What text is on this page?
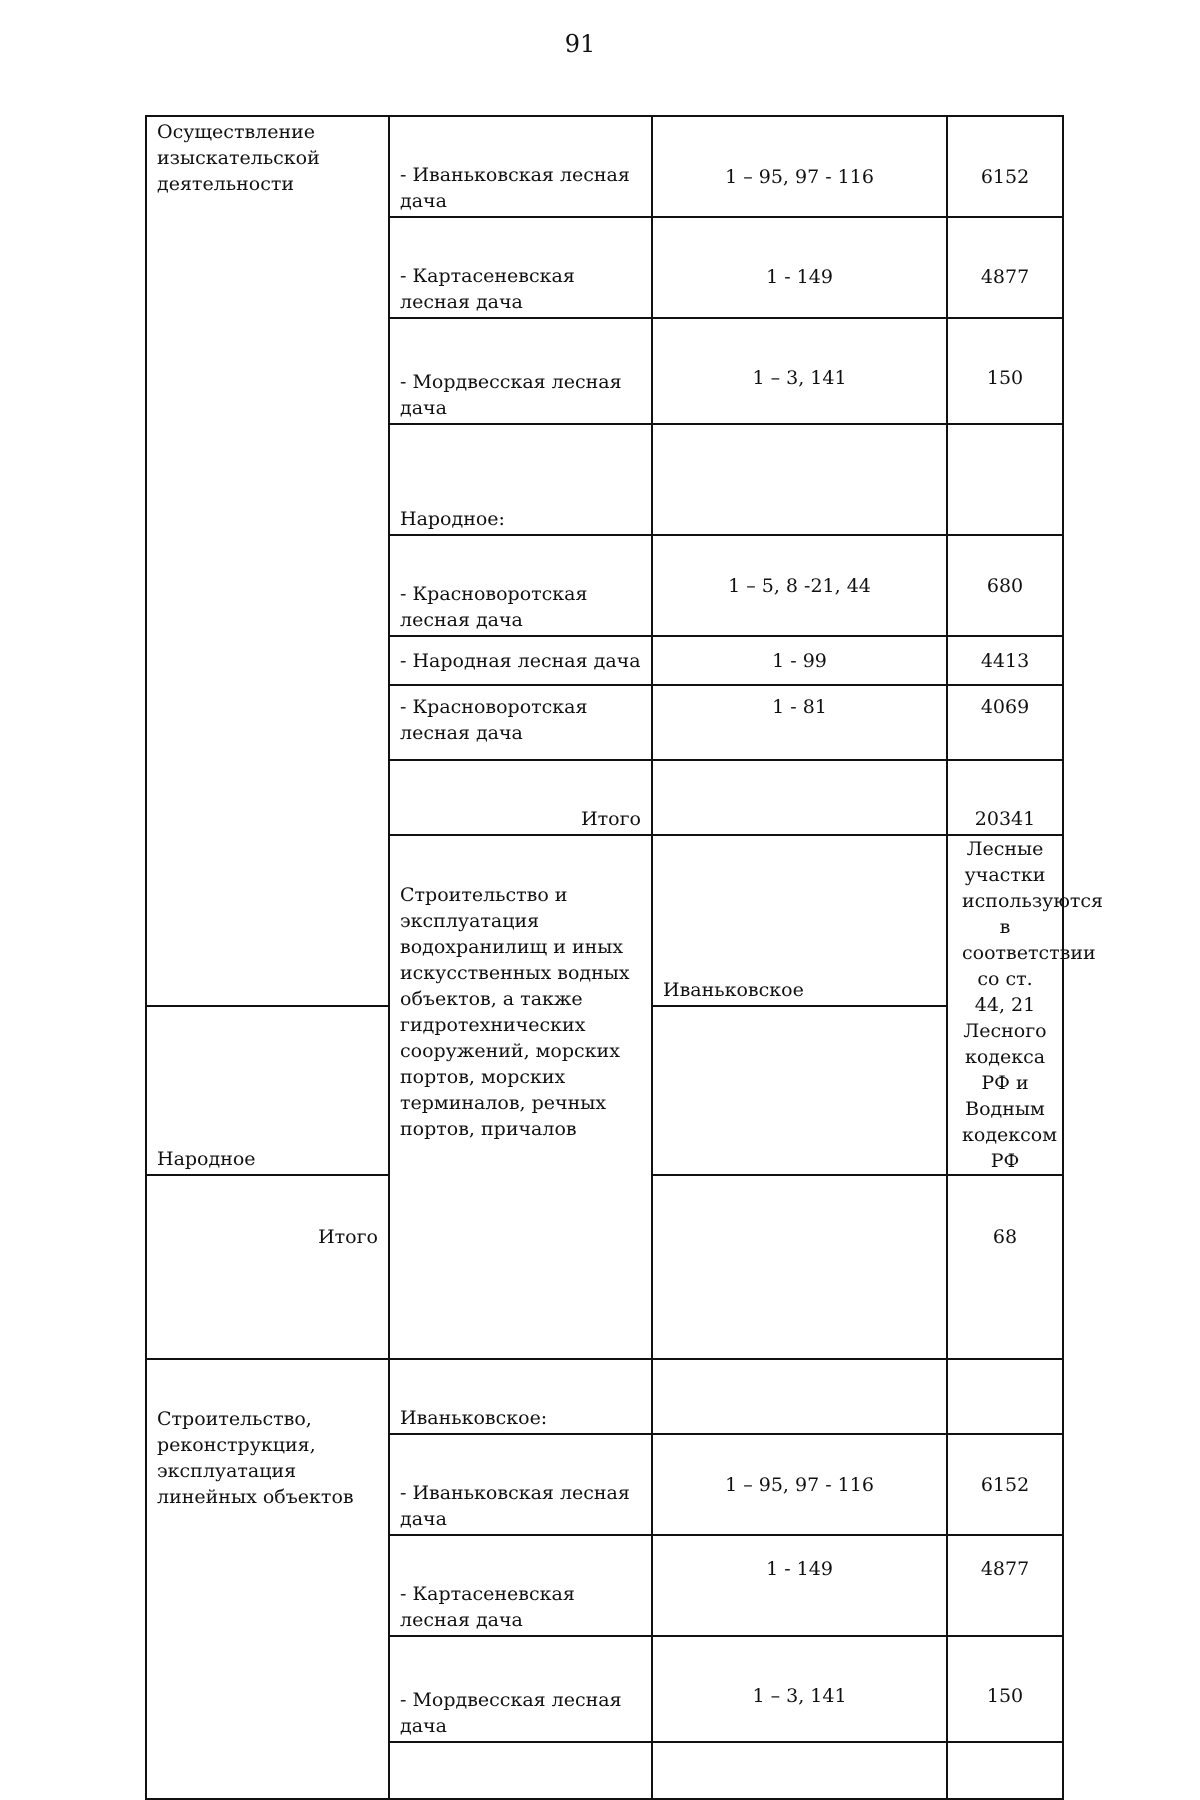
91
Осуществление изыскательской деятельности	- Иваньковская лесная дача	1 – 95, 97 - 116	6152
	- Картасеневская лесная дача	1 - 149	4877
	- Мордвесская лесная дача	1 – 3, 141	150
	Народное:		
	- Красноворотская лесная дача	1 – 5, 8 -21, 44	680
	- Народная лесная дача	1 - 99	4413
	- Красноворотская лесная дача	1 - 81	4069
	Итого		20341
	Строительство и эксплуатация водохранилищ и иных искусственных водных объектов, а также гидротехнических сооружений, морских портов, морских терминалов, речных портов, причалов	Иваньковское	Лесные участки используются в соответствии со ст. 44, 21 Лесного кодекса РФ и Водным кодексом РФ
Народное			
Итого			68
Строительство, реконструкция, эксплуатация линейных объектов	Иваньковское:		
	- Иваньковская лесная дача	1 – 95, 97 - 116	6152
	- Картасеневская лесная дача	1 - 149	4877
	- Мордвесская лесная дача	1 – 3, 141	150
